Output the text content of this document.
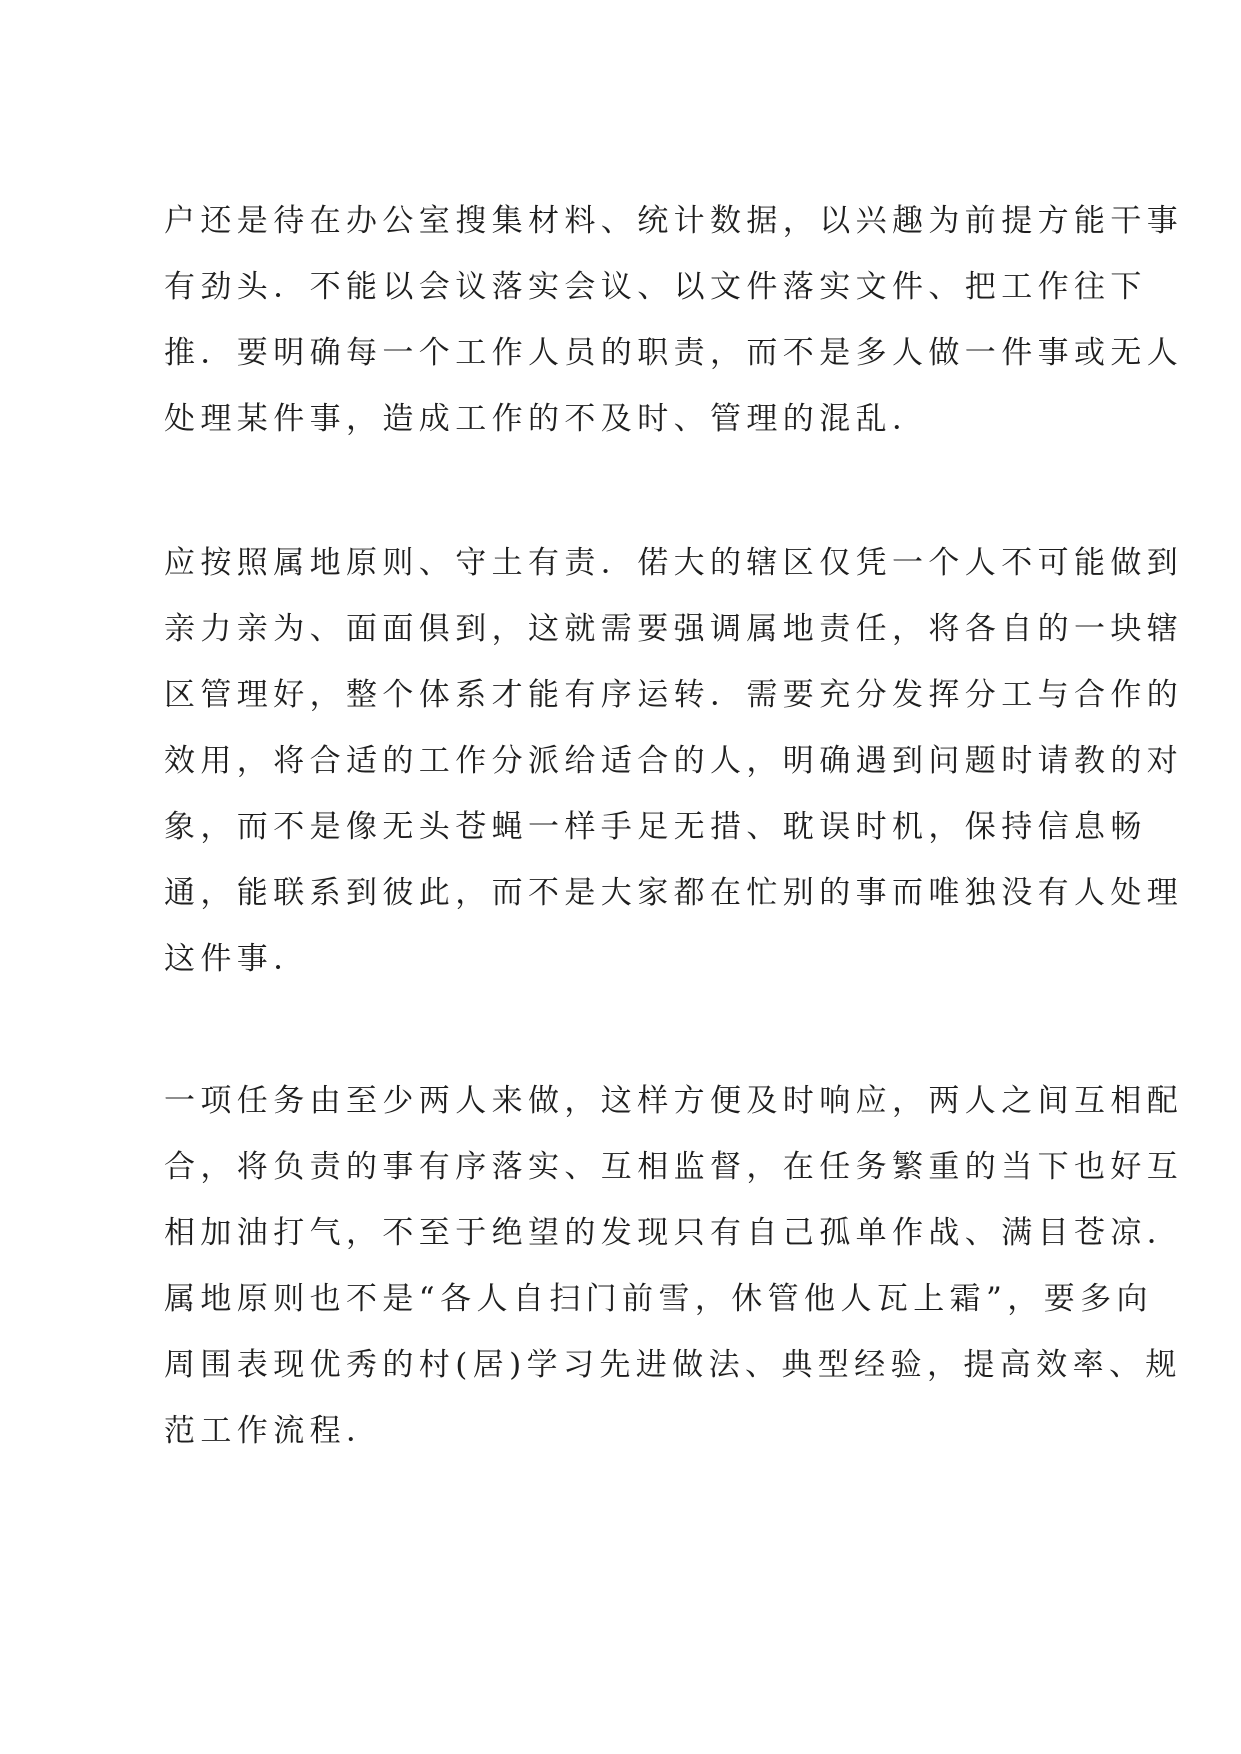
户还是待在办公室搜集材料、统计数据，以兴趣为前提方能干事
有劲头．不能以会议落实会议、以文件落实文件、把工作往下
推．要明确每一个工作人员的职责，而不是多人做一件事或无人
处理某件事，造成工作的不及时、管理的混乱．
应按照属地原则、守土有责．偌大的辖区仅凭一个人不可能做到
亲力亲为、面面俱到，这就需要强调属地责任，将各自的一块辖
区管理好，整个体系才能有序运转．需要充分发挥分工与合作的
效用，将合适的工作分派给适合的人，明确遇到问题时请教的对
象，而不是像无头苍蝇一样手足无措、耽误时机，保持信息畅
通，能联系到彼此，而不是大家都在忙别的事而唯独没有人处理
这件事．
一项任务由至少两人来做，这样方便及时响应，两人之间互相配
合，将负责的事有序落实、互相监督，在任务繁重的当下也好互
相加油打气，不至于绝望的发现只有自己孤单作战、满目苍凉．
属地原则也不是“各人自扫门前雪，休管他人瓦上霜”，要多向
周围表现优秀的村(居)学习先进做法、典型经验，提高效率、规
范工作流程．
